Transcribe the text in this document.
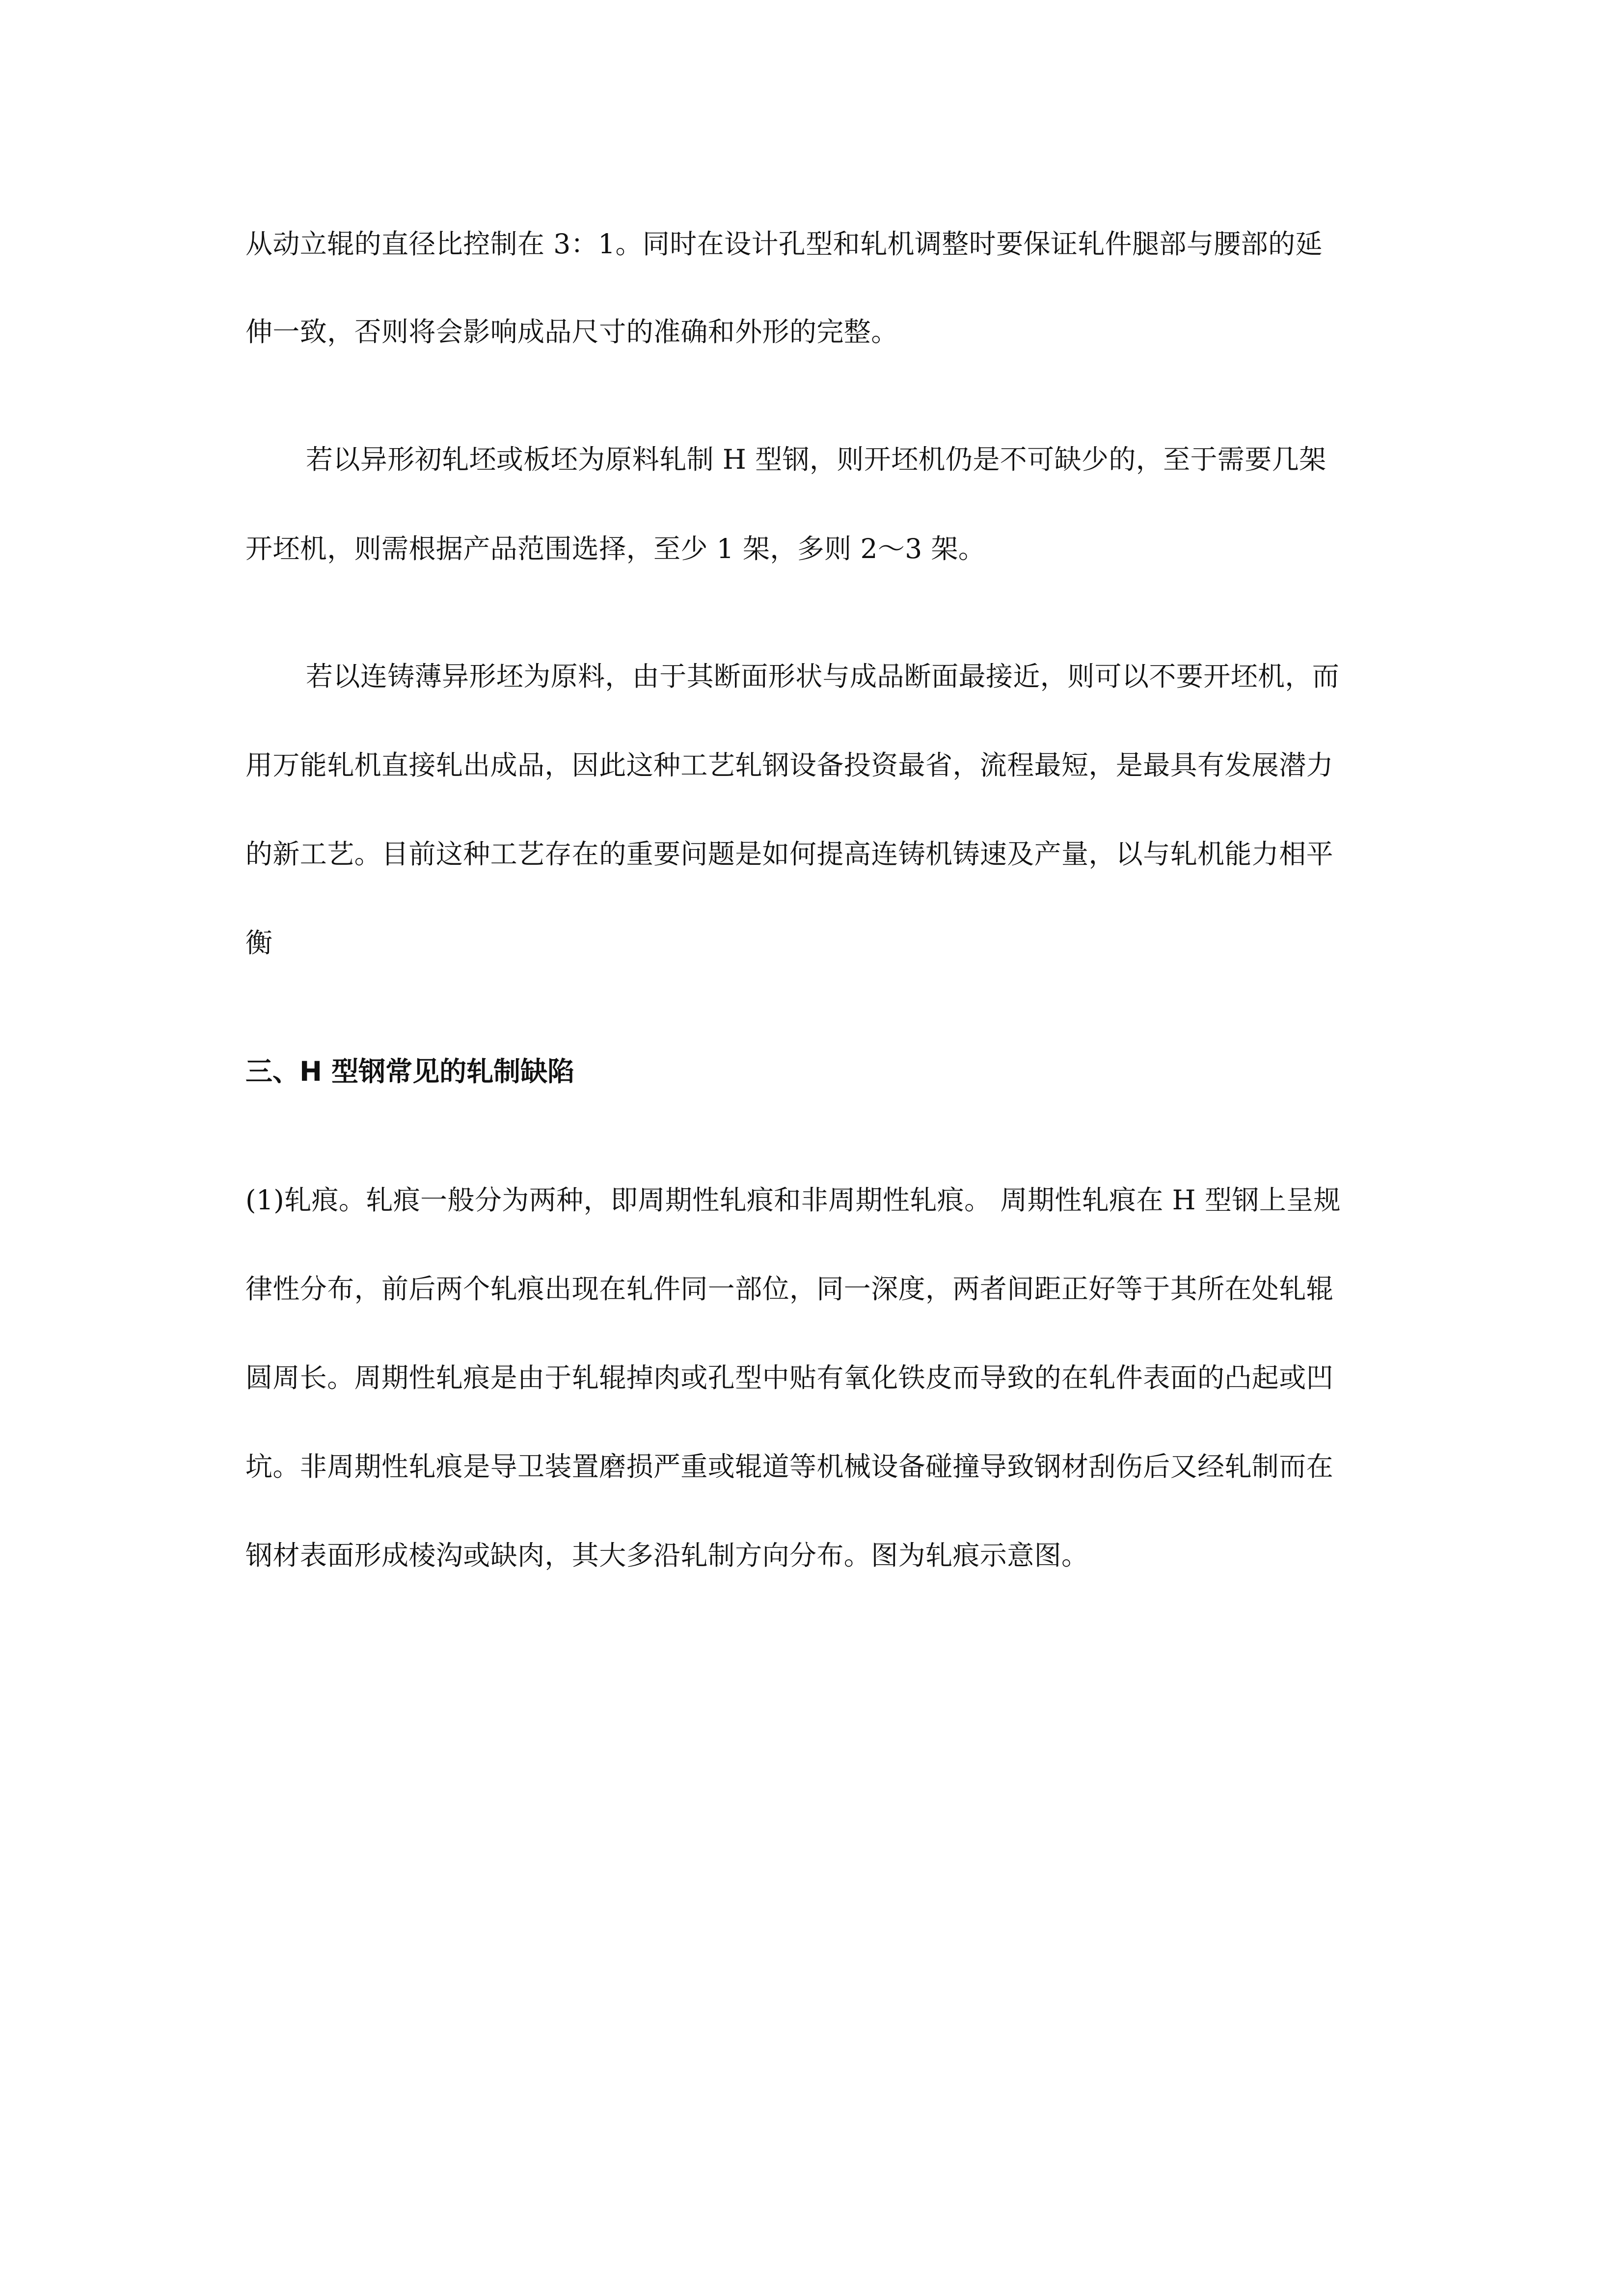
从动立辊的直径比控制在 3：1。同时在设计孔型和轧机调整时要保证轧件腿部与腰部的延
伸一致，否则将会影响成品尺寸的准确和外形的完整。
若以异形初轧坯或板坯为原料轧制 H 型钢，则开坯机仍是不可缺少的，至于需要几架
开坯机，则需根据产品范围选择，至少 1 架，多则 2～3 架。
若以连铸薄异形坯为原料，由于其断面形状与成品断面最接近，则可以不要开坯机，而
用万能轧机直接轧出成品，因此这种工艺轧钢设备投资最省，流程最短，是最具有发展潜力
的新工艺。目前这种工艺存在的重要问题是如何提高连铸机铸速及产量，以与轧机能力相平
衡
三、H 型钢常见的轧制缺陷
(1)轧痕。轧痕一般分为两种，即周期性轧痕和非周期性轧痕。 周期性轧痕在 H 型钢上呈规
律性分布，前后两个轧痕出现在轧件同一部位，同一深度，两者间距正好等于其所在处轧辊
圆周长。周期性轧痕是由于轧辊掉肉或孔型中贴有氧化铁皮而导致的在轧件表面的凸起或凹
坑。非周期性轧痕是导卫装置磨损严重或辊道等机械设备碰撞导致钢材刮伤后又经轧制而在
钢材表面形成棱沟或缺肉，其大多沿轧制方向分布。图为轧痕示意图。
